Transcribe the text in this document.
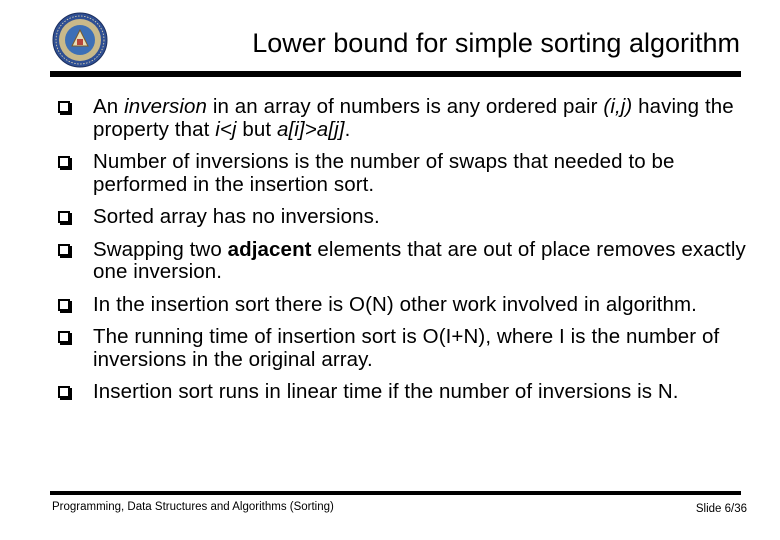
Lower bound for simple sorting algorithm
An inversion in an array of numbers is any ordered pair (i,j) having the property that i<j but a[i]>a[j].
Number of inversions is the number of swaps that needed to be performed in the insertion sort.
Sorted array has no inversions.
Swapping two adjacent elements that are out of place removes exactly one inversion.
In the insertion sort there is O(N) other work involved in algorithm.
The running time of insertion sort is O(I+N), where I is the number of inversions in the original array.
Insertion sort runs in linear time if the number of inversions is N.
Programming, Data Structures and Algorithms (Sorting)	Slide 6/36
